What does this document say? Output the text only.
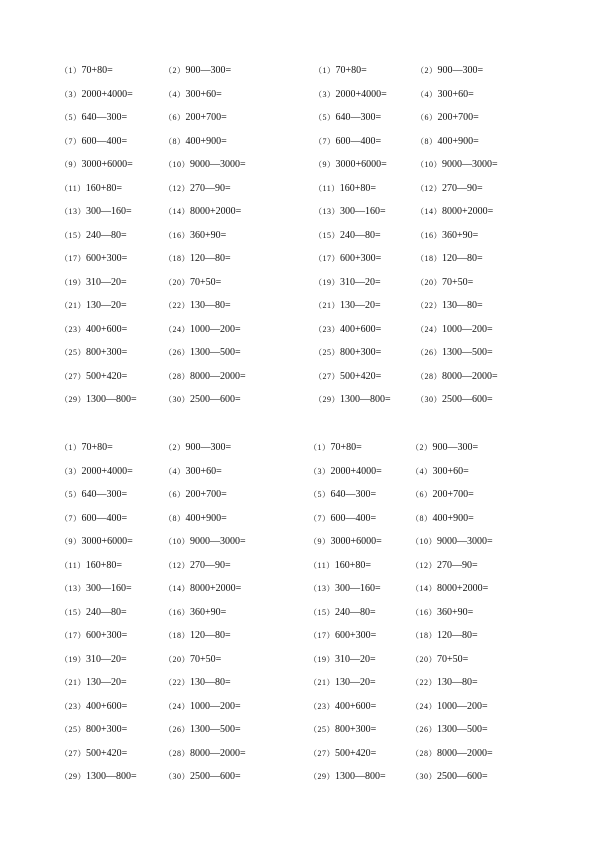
（1）70+80=	（2）900—300=
（3）2000+4000=	（4）300+60=
（5）640—300=	（6）200+700=
（7）600—400=	（8）400+900=
（9）3000+6000=	（10）9000—3000=
（11）160+80=	（12）270—90=
（13）300—160=	（14）8000+2000=
（15）240—80=	（16）360+90=
（17）600+300=	（18）120—80=
（19）310—20=	（20）70+50=
（21）130—20=	（22）130—80=
（23）400+600=	（24）1000—200=
（25）800+300=	（26）1300—500=
（27）500+420=	（28）8000—2000=
（29）1300—800=	（30）2500—600=
（1）70+80=	（2）900—300=
（3）2000+4000=	（4）300+60=
（5）640—300=	（6）200+700=
（7）600—400=	（8）400+900=
（9）3000+6000=	（10）9000—3000=
（11）160+80=	（12）270—90=
（13）300—160=	（14）8000+2000=
（15）240—80=	（16）360+90=
（17）600+300=	（18）120—80=
（19）310—20=	（20）70+50=
（21）130—20=	（22）130—80=
（23）400+600=	（24）1000—200=
（25）800+300=	（26）1300—500=
（27）500+420=	（28）8000—2000=
（29）1300—800=	（30）2500—600=
（1）70+80=	（2）900—300=
（3）2000+4000=	（4）300+60=
（5）640—300=	（6）200+700=
（7）600—400=	（8）400+900=
（9）3000+6000=	（10）9000—3000=
（11）160+80=	（12）270—90=
（13）300—160=	（14）8000+2000=
（15）240—80=	（16）360+90=
（17）600+300=	（18）120—80=
（19）310—20=	（20）70+50=
（21）130—20=	（22）130—80=
（23）400+600=	（24）1000—200=
（25）800+300=	（26）1300—500=
（27）500+420=	（28）8000—2000=
（29）1300—800=	（30）2500—600=
（1）70+80=	（2）900—300=
（3）2000+4000=	（4）300+60=
（5）640—300=	（6）200+700=
（7）600—400=	（8）400+900=
（9）3000+6000=	（10）9000—3000=
（11）160+80=	（12）270—90=
（13）300—160=	（14）8000+2000=
（15）240—80=	（16）360+90=
（17）600+300=	（18）120—80=
（19）310—20=	（20）70+50=
（21）130—20=	（22）130—80=
（23）400+600=	（24）1000—200=
（25）800+300=	（26）1300—500=
（27）500+420=	（28）8000—2000=
（29）1300—800=	（30）2500—600=
